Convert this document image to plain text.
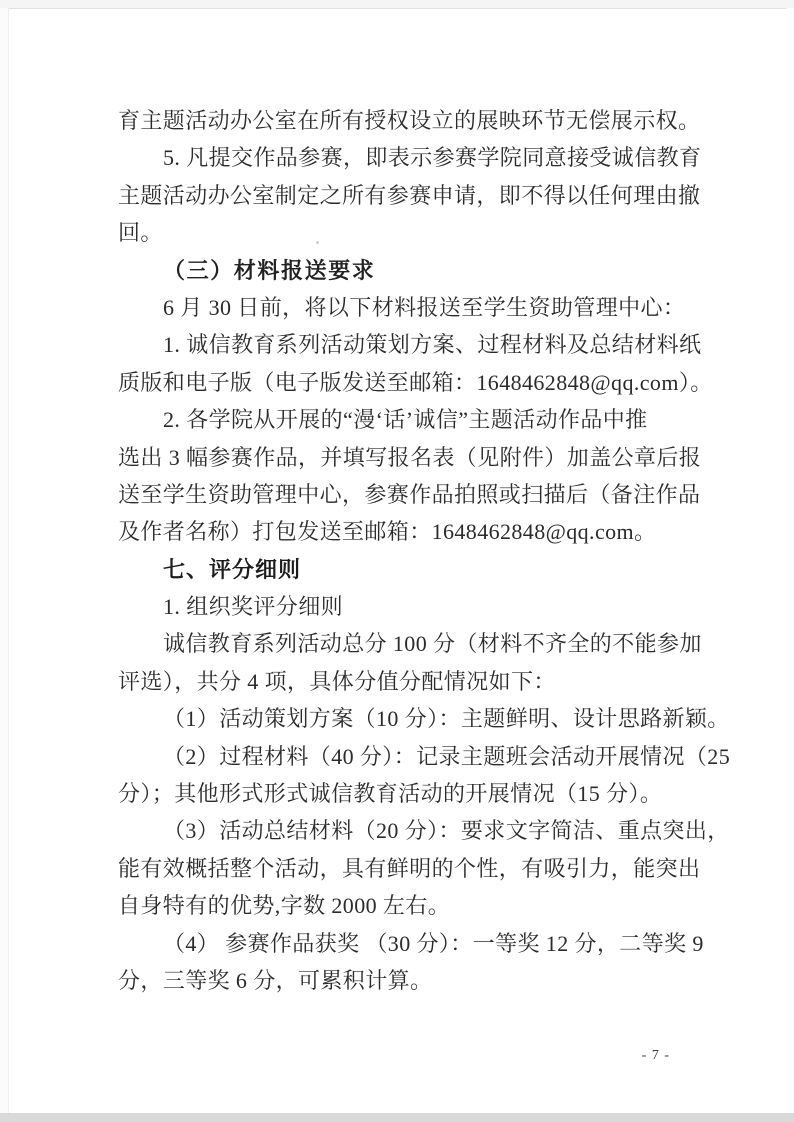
育主题活动办公室在所有授权设立的展映环节无偿展示权。
5. 凡提交作品参赛，即表示参赛学院同意接受诚信教育
主题活动办公室制定之所有参赛申请，即不得以任何理由撤
回。
（三）材料报送要求
6 月 30 日前，将以下材料报送至学生资助管理中心：
1. 诚信教育系列活动策划方案、过程材料及总结材料纸
质版和电子版（电子版发送至邮箱：1648462848@qq.com）。
2. 各学院从开展的“漫‘话’诚信”主题活动作品中推
选出 3 幅参赛作品，并填写报名表（见附件）加盖公章后报
送至学生资助管理中心，参赛作品拍照或扫描后（备注作品
及作者名称）打包发送至邮箱：1648462848@qq.com。
七、评分细则
1. 组织奖评分细则
诚信教育系列活动总分 100 分（材料不齐全的不能参加
评选），共分 4 项，具体分值分配情况如下：
（1）活动策划方案（10 分）：主题鲜明、设计思路新颖。
（2）过程材料（40 分）：记录主题班会活动开展情况（25
分）；其他形式形式诚信教育活动的开展情况（15 分）。
（3）活动总结材料（20 分）：要求文字简洁、重点突出，
能有效概括整个活动，具有鲜明的个性，有吸引力，能突出
自身特有的优势,字数 2000 左右。
（4） 参赛作品获奖 （30 分）：一等奖 12 分，二等奖 9
分，三等奖 6 分，可累积计算。
- 7 -
